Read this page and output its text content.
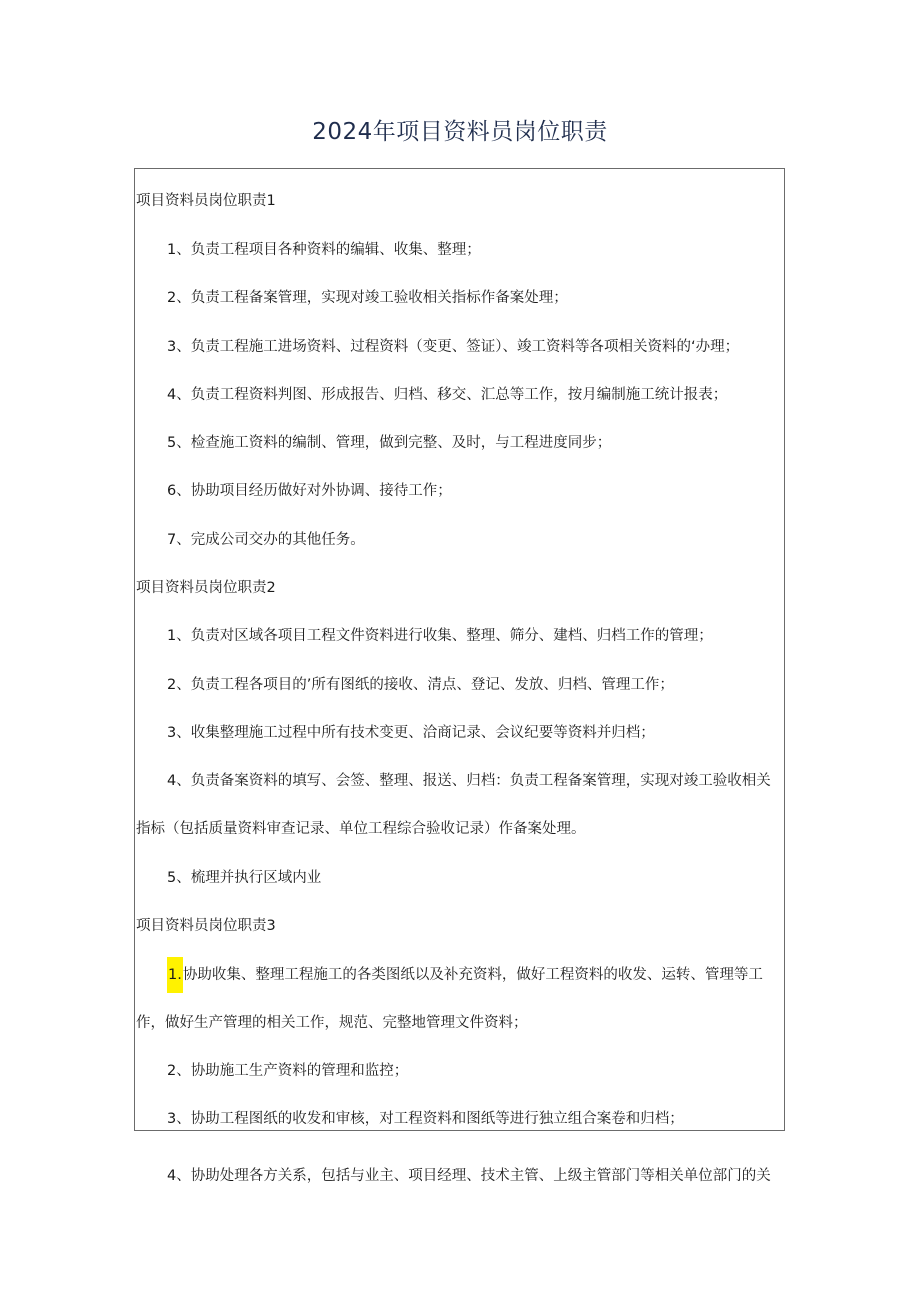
2024年项目资料员岗位职责
项目资料员岗位职责1
1、负责工程项目各种资料的编辑、收集、整理；
2、负责工程备案管理，实现对竣工验收相关指标作备案处理；
3、负责工程施工进场资料、过程资料（变更、签证）、竣工资料等各项相关资料的‘办理；
4、负责工程资料判图、形成报告、归档、移交、汇总等工作，按月编制施工统计报表；
5、检查施工资料的编制、管理，做到完整、及时，与工程进度同步；
6、协助项目经历做好对外协调、接待工作；
7、完成公司交办的其他任务。
项目资料员岗位职责2
1、负责对区域各项目工程文件资料进行收集、整理、筛分、建档、归档工作的管理；
2、负责工程各项目的’所有图纸的接收、清点、登记、发放、归档、管理工作；
3、收集整理施工过程中所有技术变更、洽商记录、会议纪要等资料并归档；
4、负责备案资料的填写、会签、整理、报送、归档：负责工程备案管理，实现对竣工验收相关
指标（包括质量资料审查记录、单位工程综合验收记录）作备案处理。
5、梳理并执行区域内业
项目资料员岗位职责3
1.协助收集、整理工程施工的各类图纸以及补充资料，做好工程资料的收发、运转、管理等工
作，做好生产管理的相关工作，规范、完整地管理文件资料；
2、协助施工生产资料的管理和监控；
3、协助工程图纸的收发和审核，对工程资料和图纸等进行独立组合案卷和归档；
4、协助处理各方关系，包括与业主、项目经理、技术主管、上级主管部门等相关单位部门的关
